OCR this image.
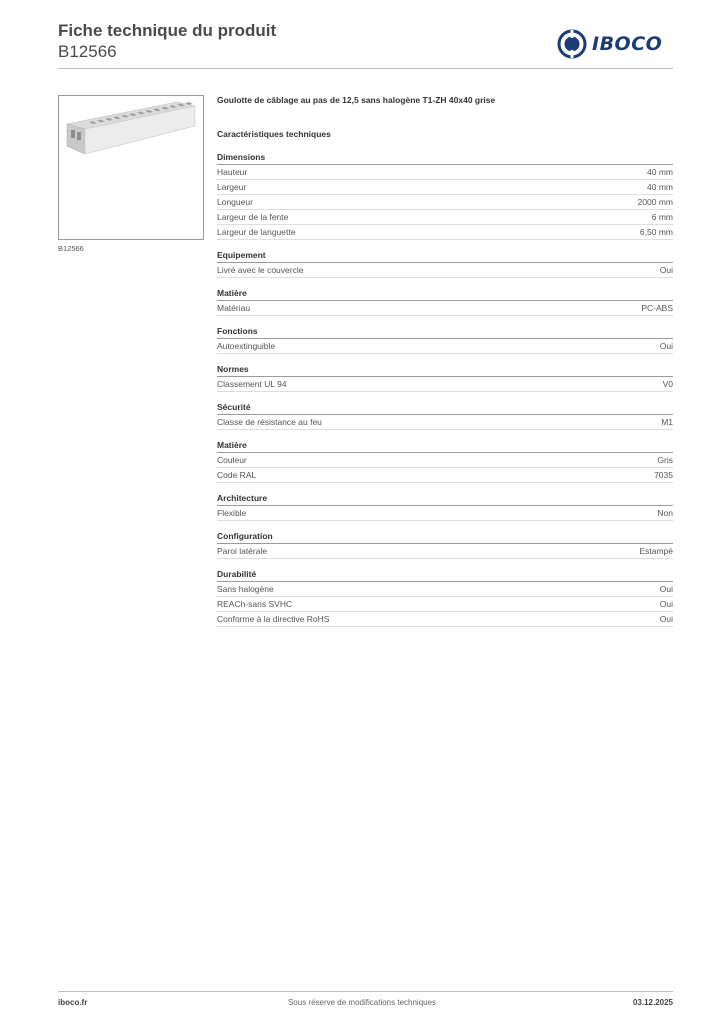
Fiche technique du produit
B12566	IBOCO
B12566
Goulotte de câblage au pas de 12,5 sans halogène T1-ZH 40x40 grise
Caractéristiques techniques
Dimensions
Hauteur	40 mm
Largeur	40 mm
Longueur	2000 mm
Largeur de la fente	6 mm
Largeur de languette	6,50 mm
Equipement
Livré avec le couvercle	Oui
Matière
Matériau	PC-ABS
Fonctions
Autoextinguible	Oui
Normes
Classement UL 94	V0
Sécurité
Classe de résistance au feu	M1
Matière
Couleur	Gris
Code RAL	7035
Architecture
Flexible	Non
Configuration
Paroi latérale	Estampé
Durabilité
Sans halogène	Oui
REACh-sans SVHC	Oui
Conforme à la directive RoHS	Oui
iboco.fr	Sous réserve de modifications techniques	03.12.2025
